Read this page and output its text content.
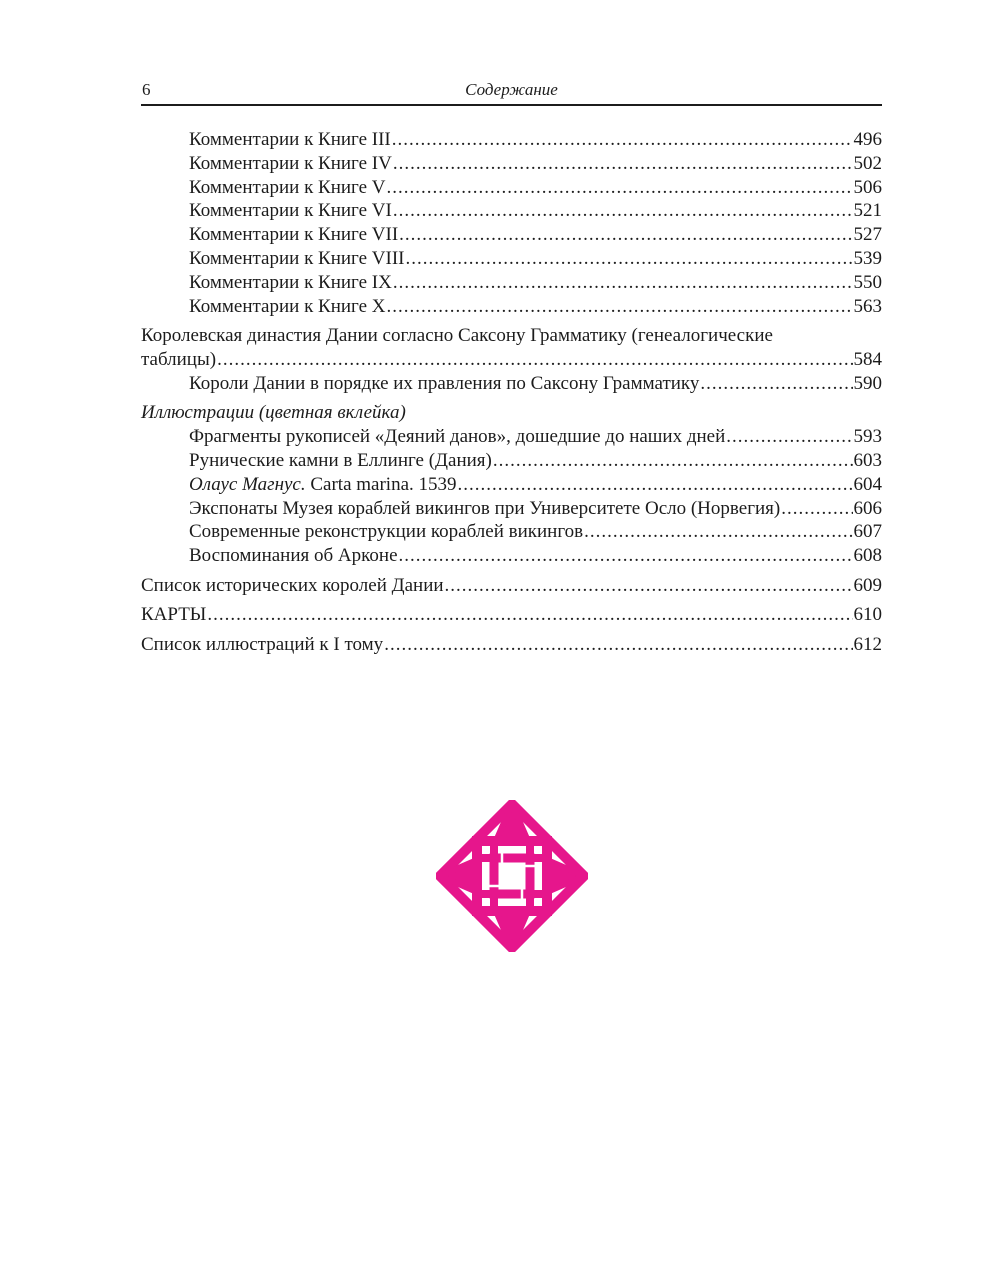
6	Содержание
Комментарии к Книге III .....	496
Комментарии к Книге IV .....	502
Комментарии к Книге V .....	506
Комментарии к Книге VI .....	521
Комментарии к Книге VII .....	527
Комментарии к Книге VIII .....	539
Комментарии к Книге IX .....	550
Комментарии к Книге X .....	563
Королевская династия Дании согласно Саксону Грамматику (генеалогические
таблицы) .....	584
Короли Дании в порядке их правления по Саксону Грамматику .....	590
Иллюстрации (цветная вклейка)
Фрагменты рукописей «Деяний данов», дошедшие до наших дней .....	593
Рунические камни в Еллинге (Дания) .....	603
Олаус Магнус. Carta marina. 1539 .....	604
Экспонаты Музея кораблей викингов при Университете Осло (Норвегия) .....	606
Современные реконструкции кораблей викингов .....	607
Воспоминания об Арконе .....	608
Список исторических королей Дании .....	609
КАРТЫ .....	610
Список иллюстраций к I тому .....	612
